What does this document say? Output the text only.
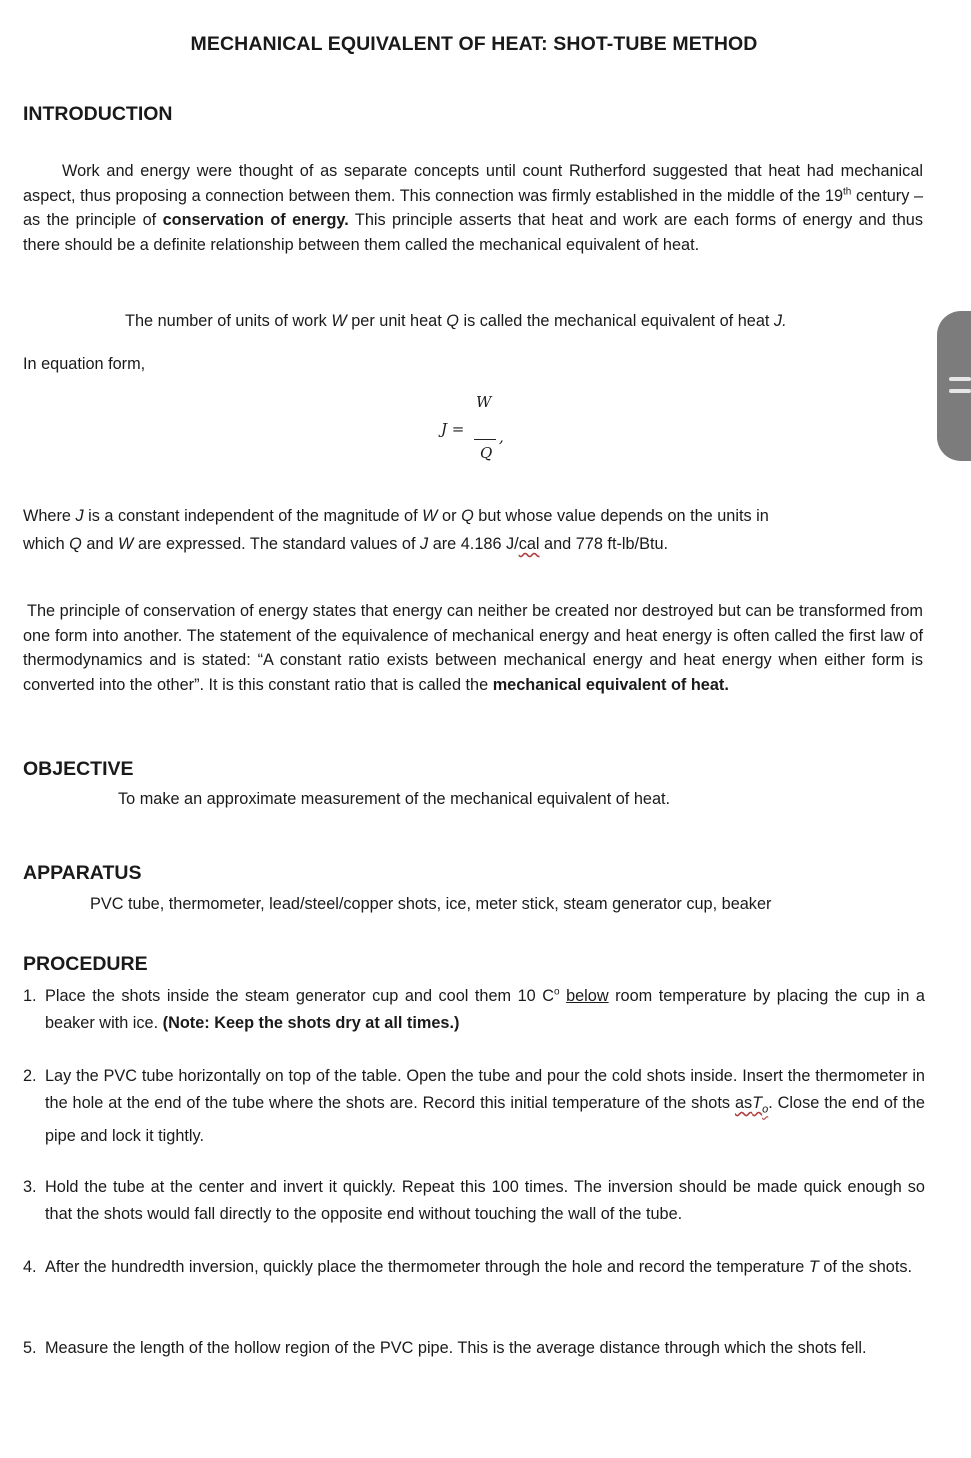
MECHANICAL EQUIVALENT OF HEAT: SHOT-TUBE METHOD
INTRODUCTION
Work and energy were thought of as separate concepts until count Rutherford suggested that heat had mechanical aspect, thus proposing a connection between them. This connection was firmly established in the middle of the 19th century – as the principle of conservation of energy. This principle asserts that heat and work are each forms of energy and thus there should be a definite relationship between them called the mechanical equivalent of heat.
The number of units of work W per unit heat Q is called the mechanical equivalent of heat J.
In equation form,
J =
W
Q
,
Where J is a constant independent of the magnitude of W or Q but whose value depends on the units in
which Q and W are expressed. The standard values of J are 4.186 J/cal and 778 ft-lb/Btu.
The principle of conservation of energy states that energy can neither be created nor destroyed but can be transformed from one form into another. The statement of the equivalence of mechanical energy and heat energy is often called the first law of thermodynamics and is stated: “A constant ratio exists between mechanical energy and heat energy when either form is converted into the other”. It is this constant ratio that is called the mechanical equivalent of heat.
OBJECTIVE
To make an approximate measurement of the mechanical equivalent of heat.
APPARATUS
PVC tube, thermometer, lead/steel/copper shots, ice, meter stick, steam generator cup, beaker
PROCEDURE
1. Place the shots inside the steam generator cup and cool them 10 $C^o$ below room temperature by placing the cup in a beaker with ice. (Note: Keep the shots dry at all times.)
2. Lay the PVC tube horizontally on top of the table. Open the tube and pour the cold shots inside. Insert the thermometer in the hole at the end of the tube where the shots are. Record this initial temperature of the shots asT$_o$. Close the end of the pipe and lock it tightly.
3. Hold the tube at the center and invert it quickly. Repeat this 100 times. The inversion should be made quick enough so that the shots would fall directly to the opposite end without touching the wall of the tube.
4. After the hundredth inversion, quickly place the thermometer through the hole and record the temperature T of the shots.
5. Measure the length of the hollow region of the PVC pipe. This is the average distance through which the shots fell.
